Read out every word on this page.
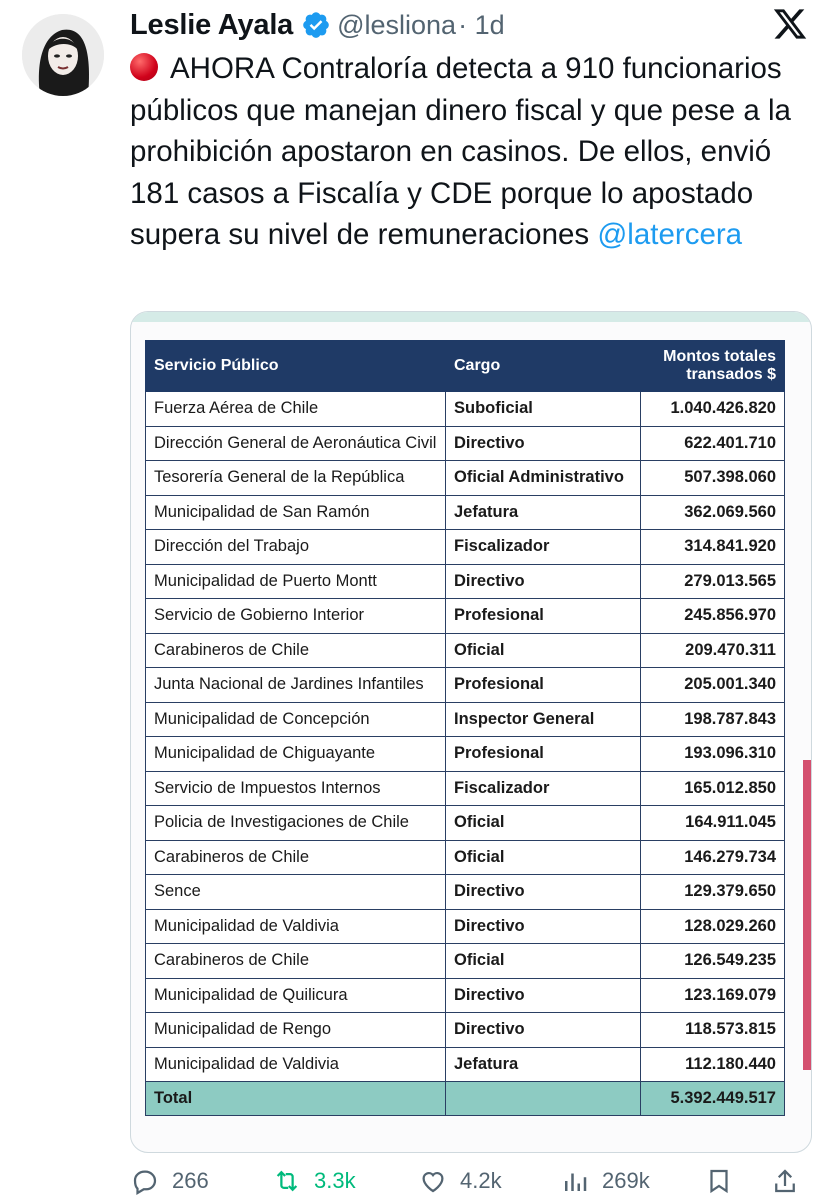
Leslie Ayala @lesliona · 1d
AHORA Contraloría detecta a 910 funcionarios públicos que manejan dinero fiscal y que pese a la prohibición apostaron en casinos. De ellos, envió 181 casos a Fiscalía y CDE porque lo apostado supera su nivel de remuneraciones @latercera
Servicio Público	Cargo	Montos totales transados $
Fuerza Aérea de Chile	Suboficial	1.040.426.820
Dirección General de Aeronáutica Civil	Directivo	622.401.710
Tesorería General de la República	Oficial Administrativo	507.398.060
Municipalidad de San Ramón	Jefatura	362.069.560
Dirección del Trabajo	Fiscalizador	314.841.920
Municipalidad de Puerto Montt	Directivo	279.013.565
Servicio de Gobierno Interior	Profesional	245.856.970
Carabineros de Chile	Oficial	209.470.311
Junta Nacional de Jardines Infantiles	Profesional	205.001.340
Municipalidad de Concepción	Inspector General	198.787.843
Municipalidad de Chiguayante	Profesional	193.096.310
Servicio de Impuestos Internos	Fiscalizador	165.012.850
Policia de Investigaciones de Chile	Oficial	164.911.045
Carabineros de Chile	Oficial	146.279.734
Sence	Directivo	129.379.650
Municipalidad de Valdivia	Directivo	128.029.260
Carabineros de Chile	Oficial	126.549.235
Municipalidad de Quilicura	Directivo	123.169.079
Municipalidad de Rengo	Directivo	118.573.815
Municipalidad de Valdivia	Jefatura	112.180.440
Total		5.392.449.517
266	3.3k	4.2k	269k
